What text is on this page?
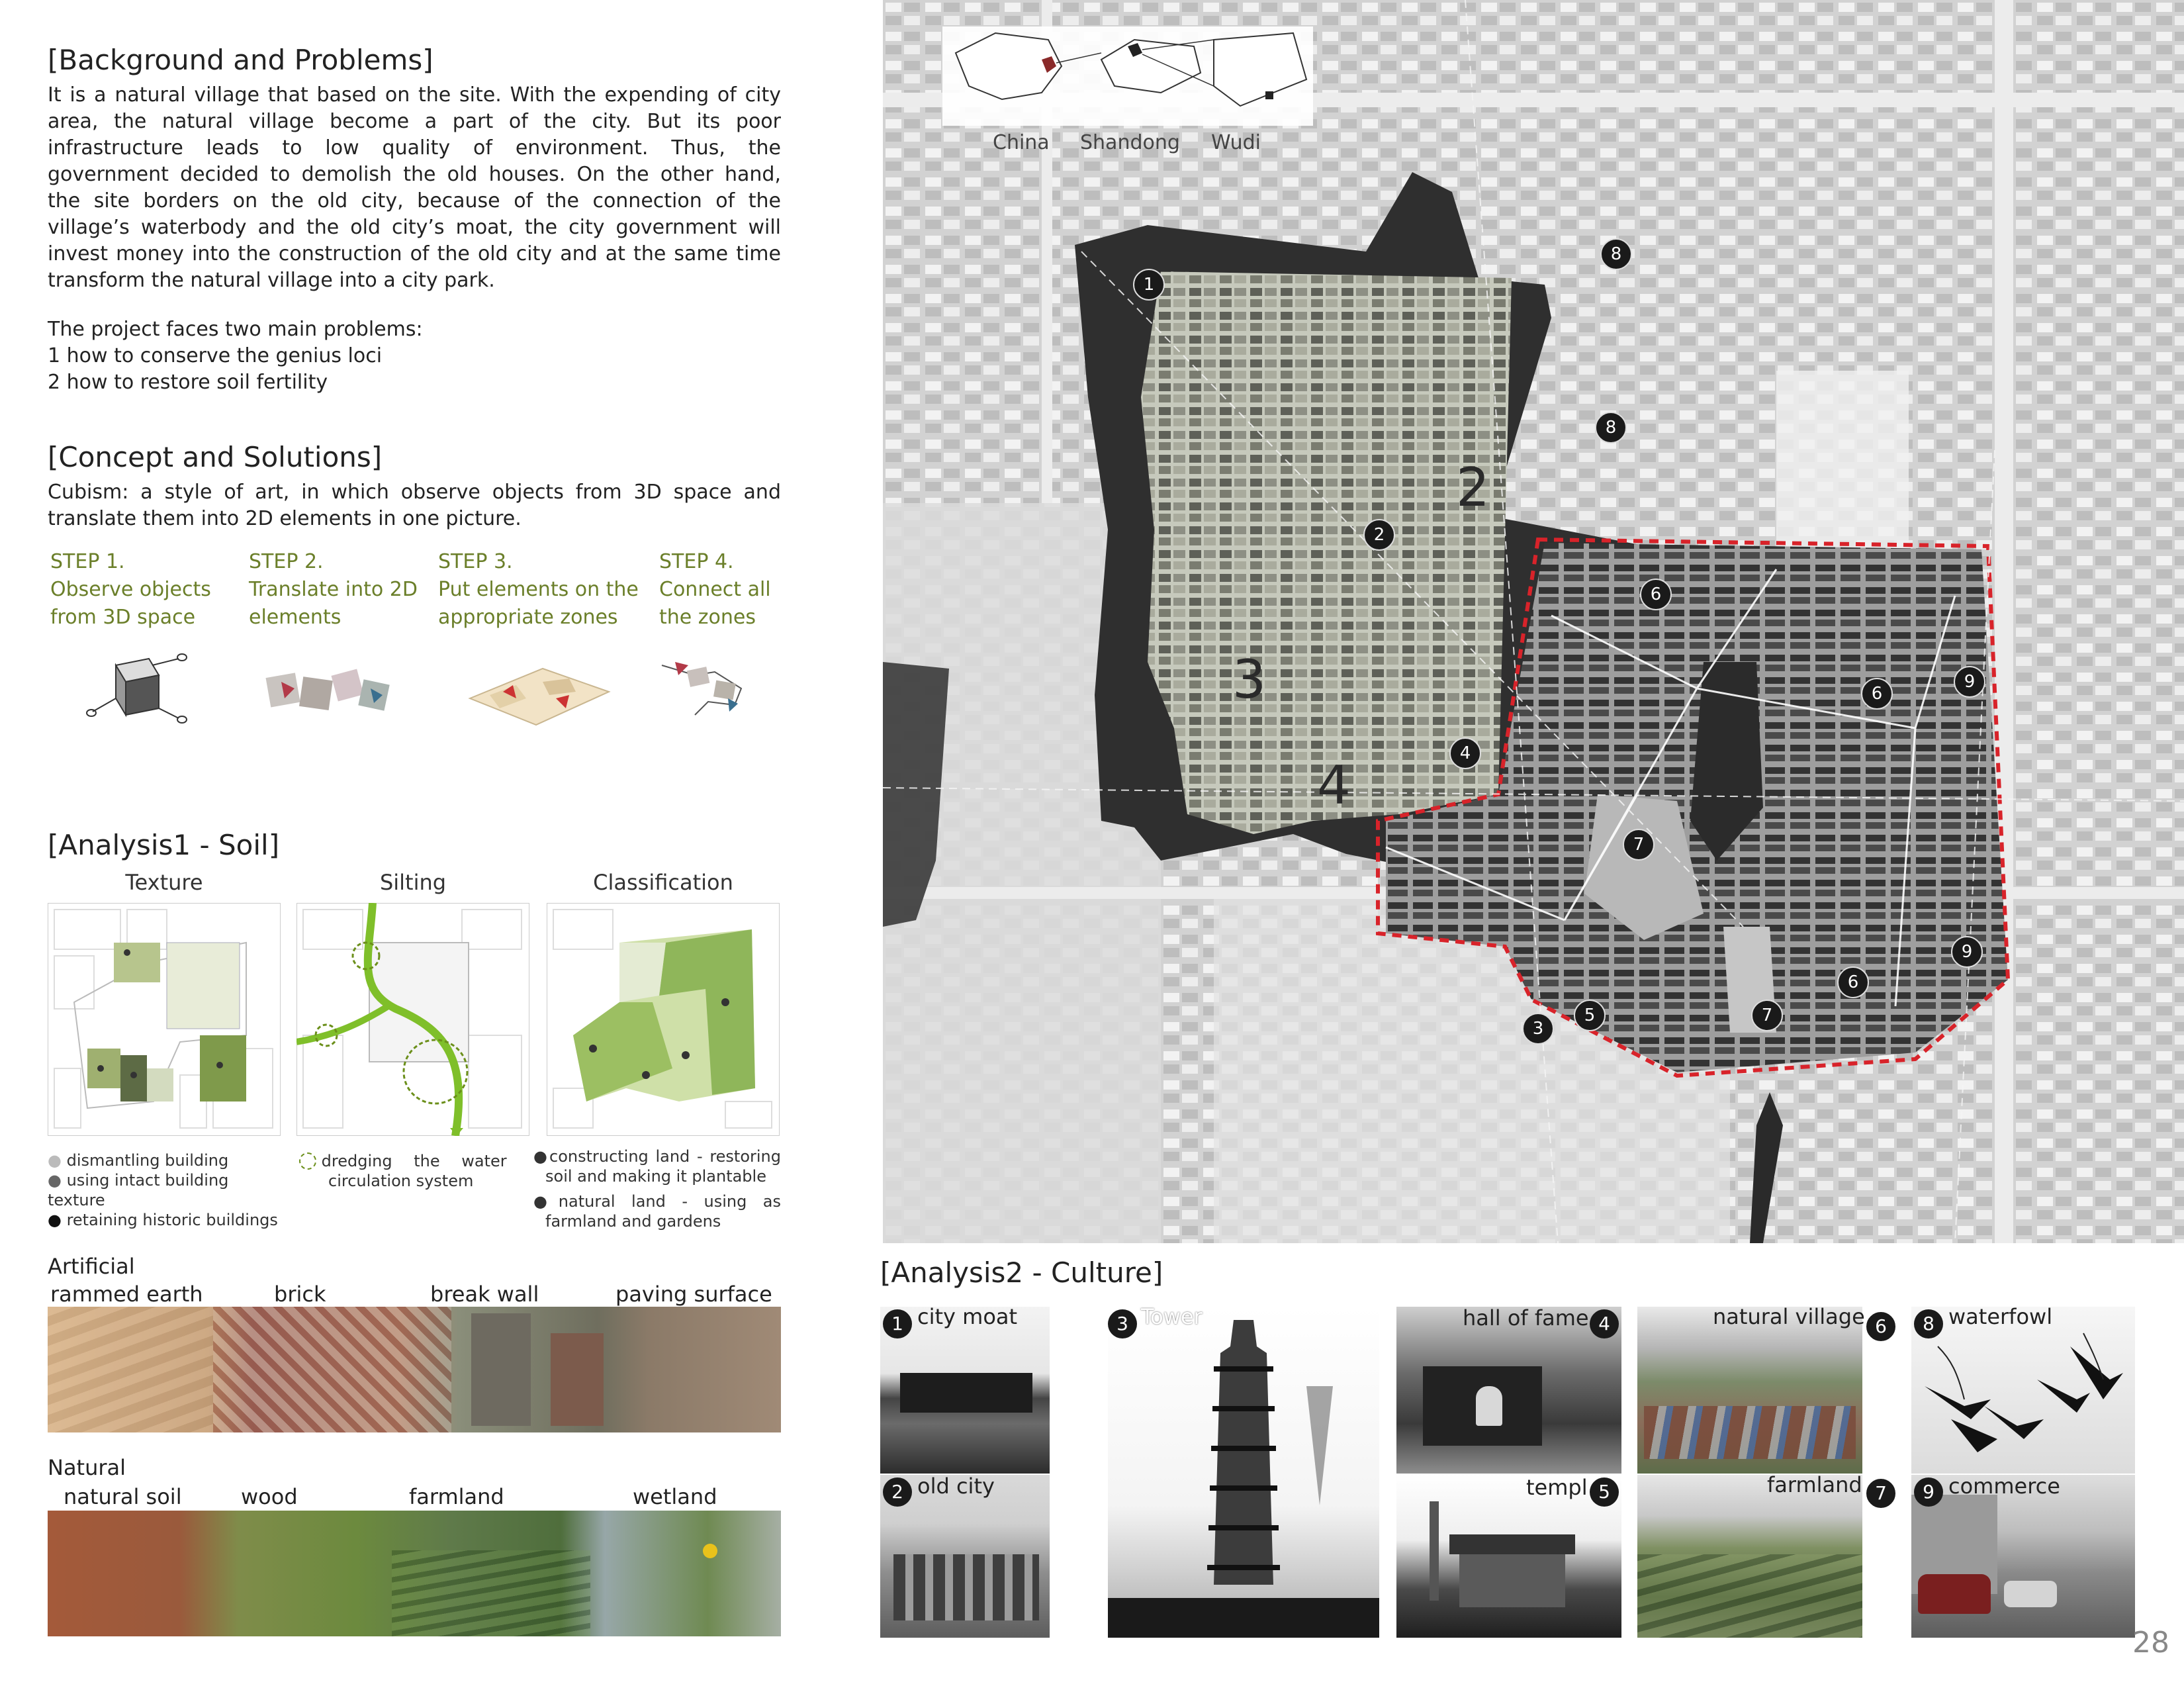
[Background and Problems]
It is a natural village that based on the site. With the expending of city
area, the natural village become a part of the city. But its poor
infrastructure leads to low quality of environment. Thus, the
government decided to demolish the old houses. On the other hand,
the site borders on the old city, because of the connection of the
village’s waterbody and the old city’s moat, the city government will
invest money into the construction of the old city and at the same time
transform the natural village into a city park.
The project faces two main problems:
1 how to conserve the genius loci
2 how to restore soil fertility
[Concept and Solutions]
Cubism: a style of art, in which observe objects from 3D space and
translate them into 2D elements in one picture.
STEP 1.
Observe objects
from 3D space
STEP 2.
Translate into 2D
elements
STEP 3.
Put elements on the
appropriate zones
STEP 4.
Connect all
the zones
[Analysis1 - Soil]
Texture	Silting	Classification
● dismantling building
● using intact building texture
● retaining historic buildings
dredging the water
circulation system
●constructing land - restoring
soil and making it plantable
●natural land - using as
farmland and gardens
Artificial
rammed earth	brick	break wall	paving surface
Natural
natural soil	wood	farmland	wetland
China Shandong Wudi
1
2
2
3
4
4
8
8
6
6
6
9
9
7
7
5
3
[Analysis2 - Culture]
1 city moat
2 old city
3 Tower	hall of fame 4
templ 5
natural village 6
farmland 7
8 waterfowl
9 commerce
28
